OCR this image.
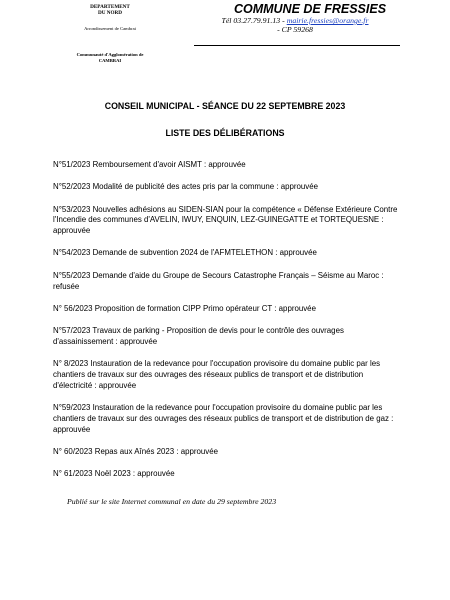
DEPARTEMENT
DU NORD
Arrondissement de Cambrai
Communauté d'Agglomération de
CAMBRAI
COMMUNE DE FRESSIES
Tél 03.27.79.91.13 - mairie.fressies@orange.fr
- CP 59268
CONSEIL MUNICIPAL - SÉANCE DU 22 SEPTEMBRE 2023
LISTE DES DÉLIBÉRATIONS
N°51/2023 Remboursement d'avoir AISMT : approuvée
N°52/2023 Modalité de publicité des actes pris par la commune : approuvée
N°53/2023 Nouvelles adhésions au SIDEN-SIAN pour la compétence « Défense Extérieure Contre l'Incendie des communes d'AVELIN, IWUY, ENQUIN, LEZ-GUINEGATTE et TORTEQUESNE : approuvée
N°54/2023 Demande de subvention 2024 de l'AFMTELETHON : approuvée
N°55/2023 Demande d'aide du Groupe de Secours Catastrophe Français – Séisme au Maroc : refusée
N° 56/2023 Proposition de formation CIPP Primo opérateur CT : approuvée
N°57/2023 Travaux de parking - Proposition de devis pour le contrôle des ouvrages d'assainissement : approuvée
N° 8/2023 Instauration de la redevance pour l'occupation provisoire du domaine public par les chantiers de travaux sur des ouvrages des réseaux publics de transport et de distribution d'électricité : approuvée
N°59/2023 Instauration de la redevance pour l'occupation provisoire du domaine public par les chantiers de travaux sur des ouvrages des réseaux publics de transport et de distribution de gaz : approuvée
N° 60/2023 Repas aux Aînés 2023 : approuvée
N° 61/2023 Noël 2023 : approuvée
Publié sur le site Internet communal en date du 29 septembre 2023
